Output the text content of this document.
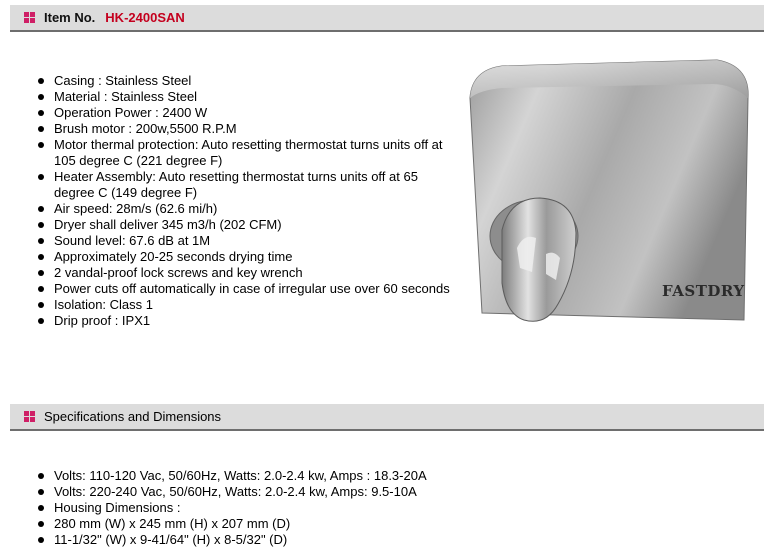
Item No. HK-2400SAN
Casing : Stainless Steel
Material : Stainless Steel
Operation Power : 2400 W
Brush motor : 200w,5500 R.P.M
Motor thermal protection: Auto resetting thermostat turns units off at 105 degree C (221 degree F)
Heater Assembly: Auto resetting thermostat turns units off at 65 degree C (149 degree F)
Air speed: 28m/s (62.6 mi/h)
Dryer shall deliver 345 m3/h (202 CFM)
Sound level: 67.6 dB at 1M
Approximately 20-25 seconds drying time
2 vandal-proof lock screws and key wrench
Power cuts off automatically in case of irregular use over 60 seconds
Isolation: Class 1
Drip proof : IPX1
FASTDRY
Specifications and Dimensions
Volts: 110-120 Vac, 50/60Hz, Watts: 2.0-2.4 kw, Amps : 18.3-20A
Volts: 220-240 Vac, 50/60Hz, Watts: 2.0-2.4 kw, Amps: 9.5-10A
Housing Dimensions :
280 mm (W) x 245 mm (H) x 207 mm (D)
11-1/32" (W) x 9-41/64" (H) x 8-5/32" (D)
